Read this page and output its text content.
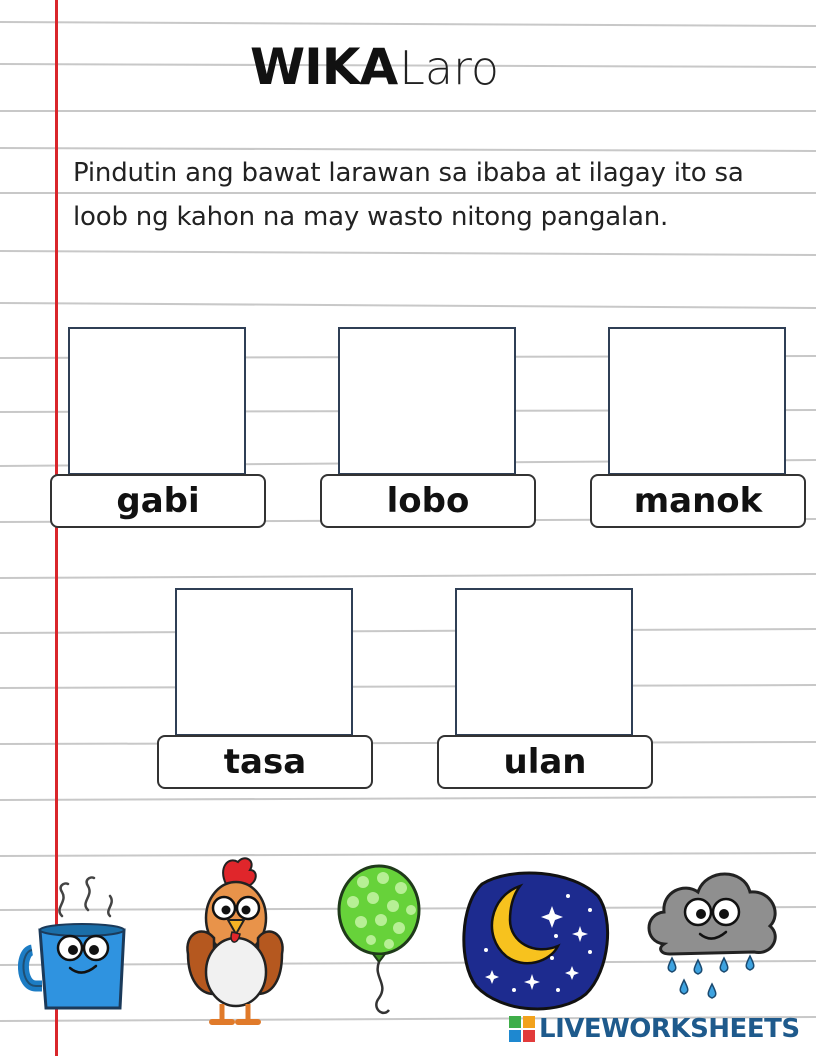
WIKALaro
Pindutin ang bawat larawan sa ibaba at ilagay ito sa loob ng kahon na may wasto nitong pangalan.
gabi	lobo	manok
tasa	ulan
LIVEWORKSHEETS
